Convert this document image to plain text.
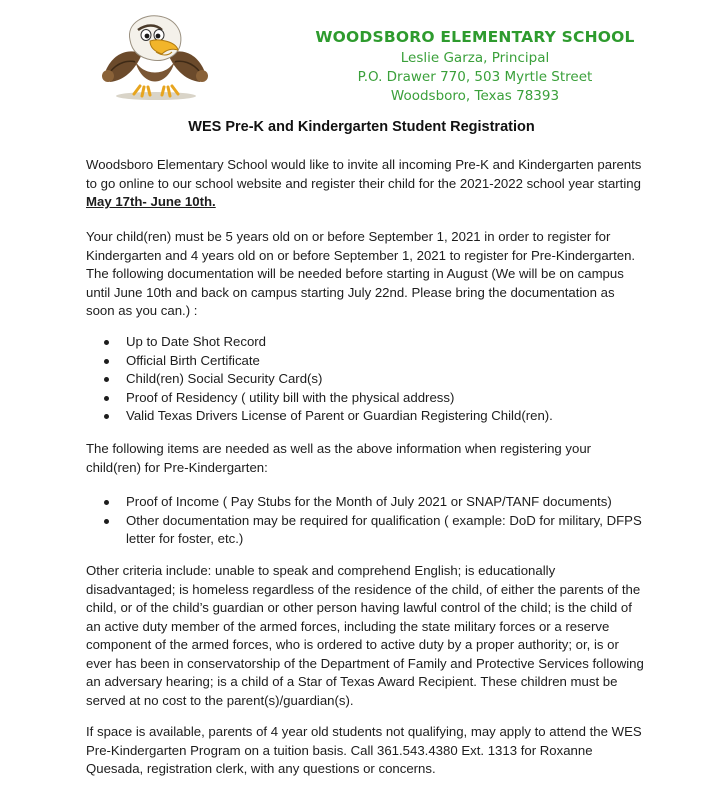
WOODSBORO ELEMENTARY SCHOOL
Leslie Garza, Principal
P.O. Drawer 770, 503 Myrtle Street
Woodsboro, Texas 78393
WES Pre-K and Kindergarten Student Registration
Woodsboro Elementary School would like to invite all incoming Pre-K and Kindergarten parents to go online to our school website and register their child for the 2021-2022 school year starting May 17th- June 10th.
Your child(ren) must be 5 years old on or before September 1, 2021 in order to register for Kindergarten and 4 years old on or before September 1, 2021 to register for Pre-Kindergarten. The following documentation will be needed before starting in August (We will be on campus until June 10th and back on campus starting July 22nd. Please bring the documentation as soon as you can.) :
Up to Date Shot Record
Official Birth Certificate
Child(ren) Social Security Card(s)
Proof of Residency ( utility bill with the physical address)
Valid Texas Drivers License of Parent or Guardian Registering Child(ren).
The following items are needed as well as the above information when registering your child(ren) for Pre-Kindergarten:
Proof of Income ( Pay Stubs for the Month of July 2021 or SNAP/TANF documents)
Other documentation may be required for qualification ( example: DoD for military, DFPS letter for foster, etc.)
Other criteria include: unable to speak and comprehend English; is educationally disadvantaged; is homeless regardless of the residence of the child, of either the parents of the child, or of the child’s guardian or other person having lawful control of the child; is the child of an active duty member of the armed forces, including the state military forces or a reserve component of the armed forces, who is ordered to active duty by a proper authority; or, is or ever has been in conservatorship of the Department of Family and Protective Services following an adversary hearing; is a child of a Star of Texas Award Recipient. These children must be served at no cost to the parent(s)/guardian(s).
If space is available, parents of 4 year old students not qualifying, may apply to attend the WES Pre-Kindergarten Program on a tuition basis. Call 361.543.4380 Ext. 1313 for Roxanne Quesada, registration clerk, with any questions or concerns.
